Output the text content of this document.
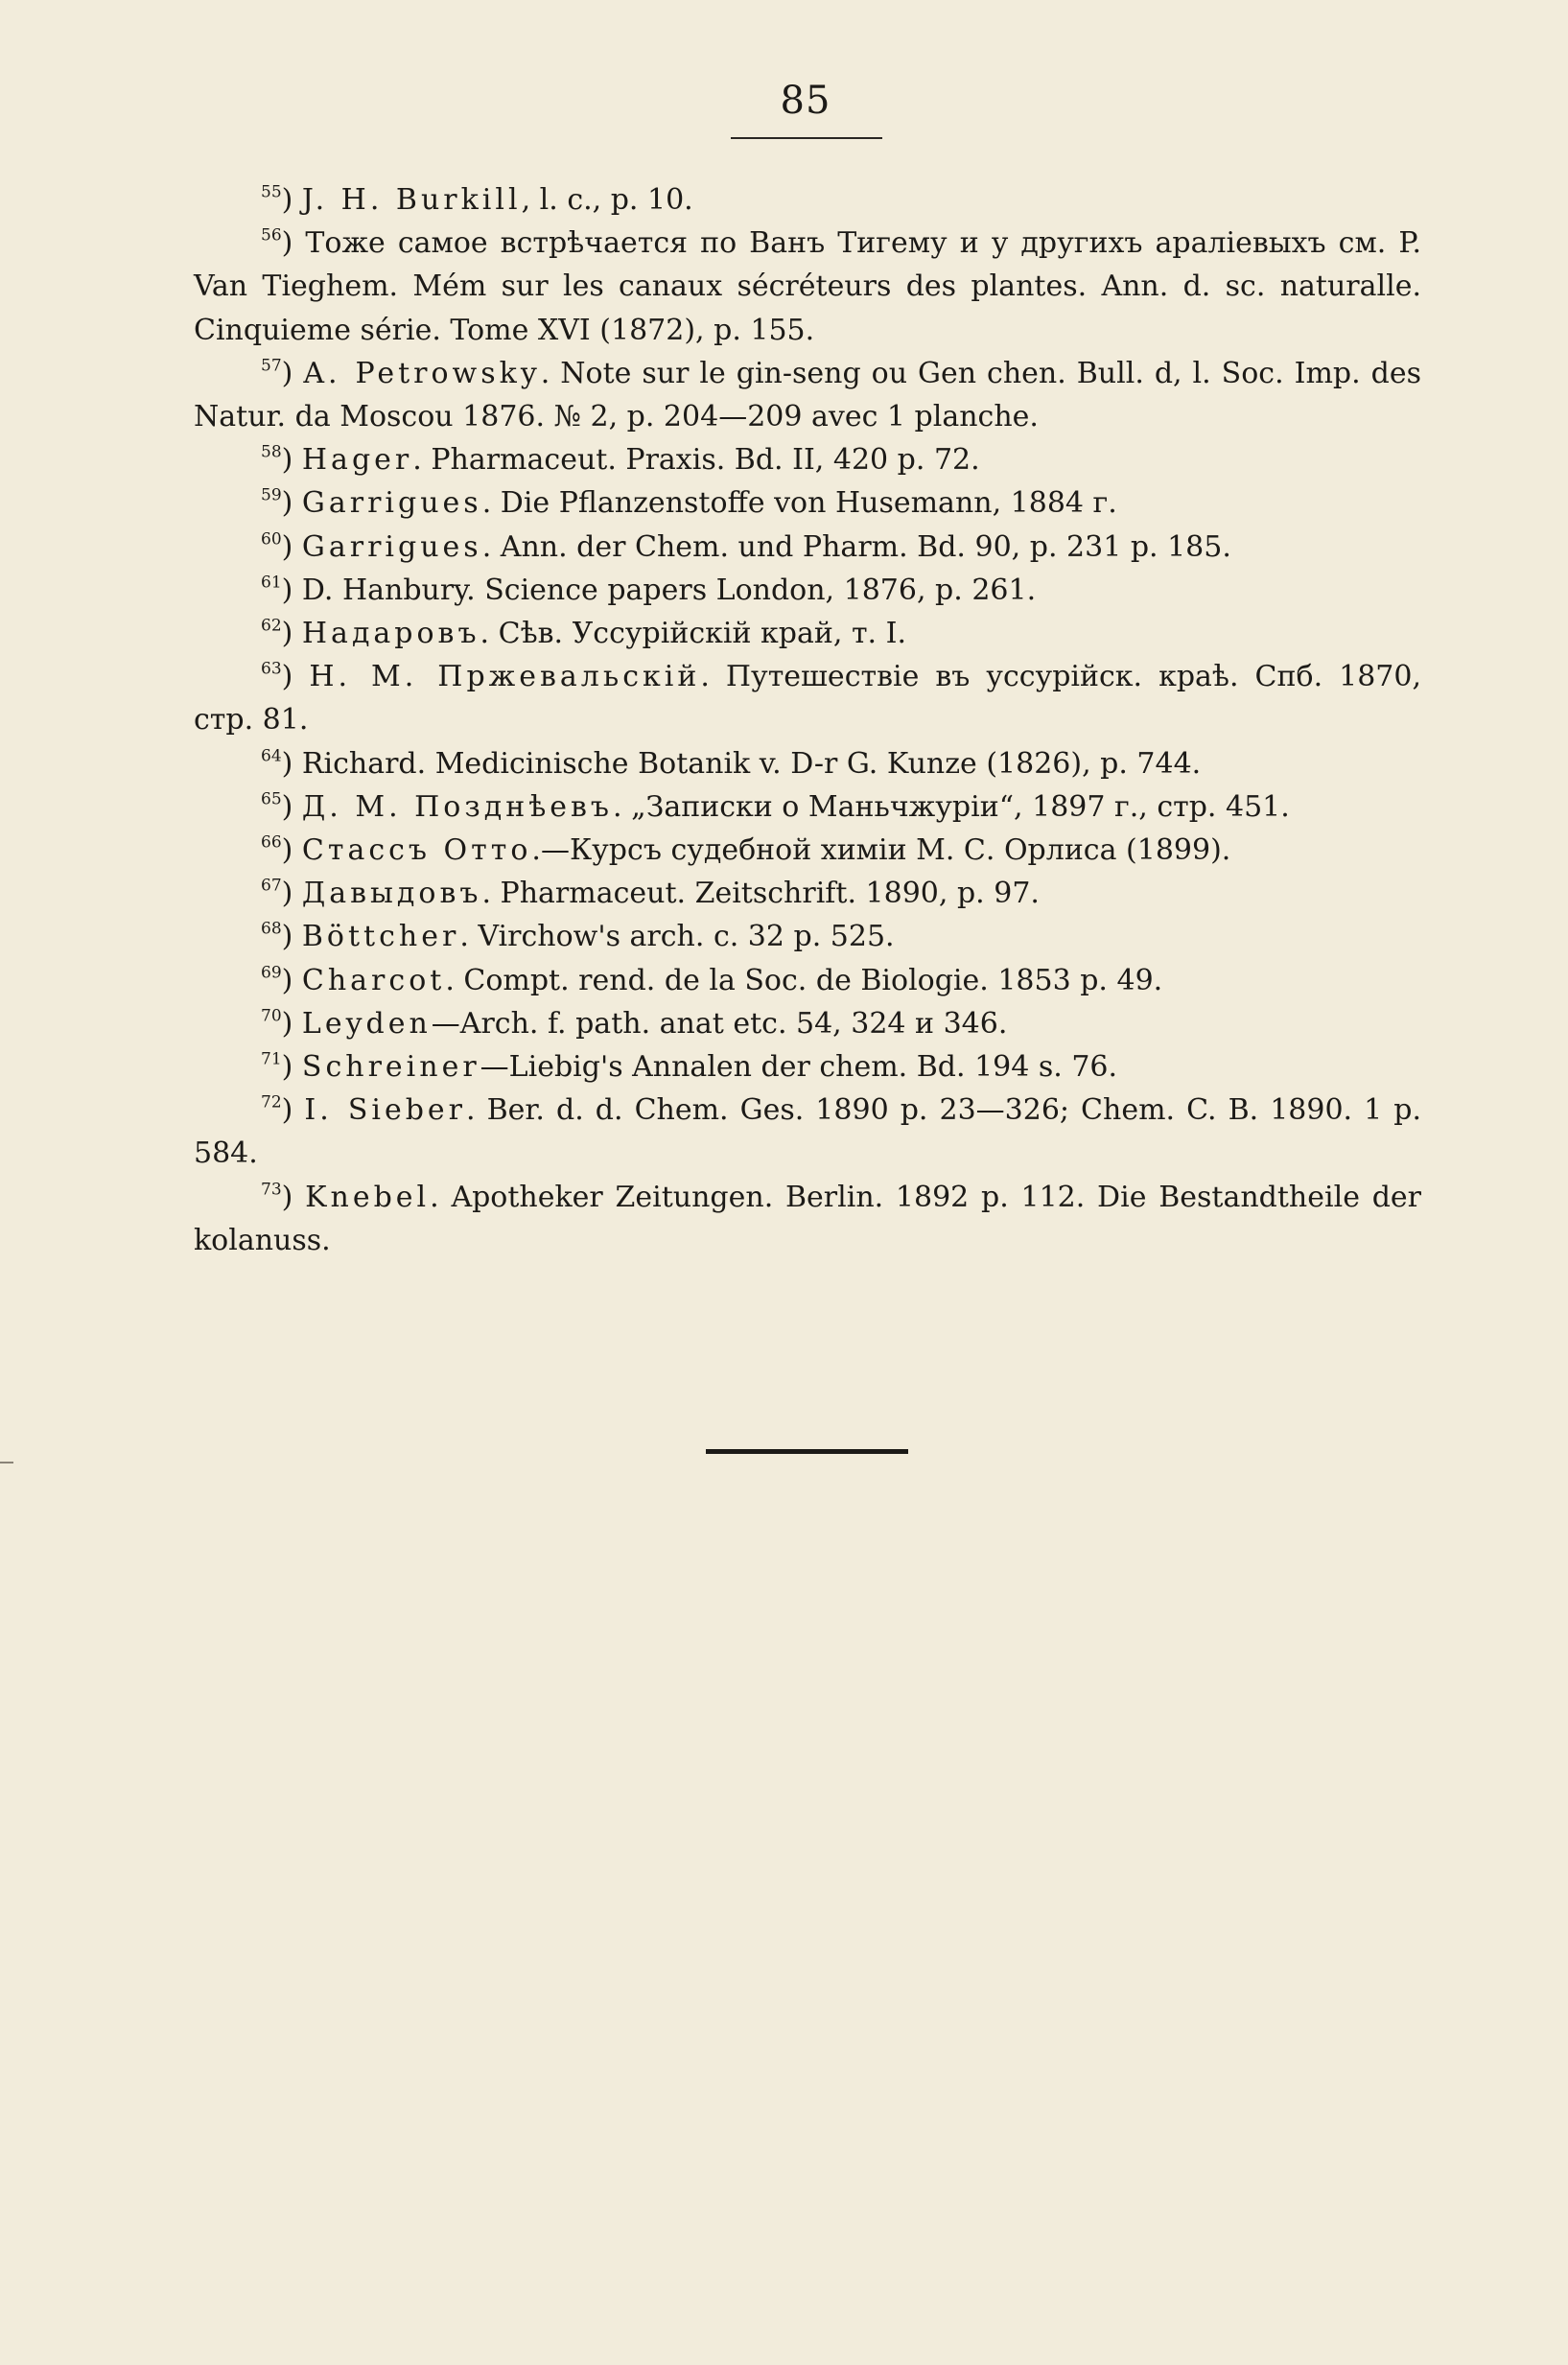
85

$^{55}$) J. H. Burkill, l. c., p. 10.

$^{56}$) Тоже самое встрѣчается по Ванъ Тигему и у другихъ аралiевыхъ см. P. Van Tieghem. Mém sur les canaux sécréteurs des plantes. Ann. d. sc. naturalle. Cinquieme série. Tome XVI (1872), p. 155.

$^{57}$) A. Petrowsky. Note sur le gin-seng ou Gen chen. Bull. d, l. Soc. Imp. des Natur. da Moscou 1876. № 2, p. 204—209 avec 1 planche.

$^{58}$) Hager. Pharmaceut. Praxis. Bd. II, 420 p. 72.

$^{59}$) Garrigues. Die Pflanzenstoffe von Husemann, 1884 г.

$^{60}$) Garrigues. Ann. der Chem. und Pharm. Bd. 90, p. 231 p. 185.

$^{61}$) D. Hanbury. Science papers London, 1876, p. 261.

$^{62}$) Надаровъ. Сѣв. Уссурiйскiй край, т. I.

$^{63}$) H. M. Пржевальскiй. Путешествiе въ уссурiйск. краѣ. Спб. 1870, стр. 81.

$^{64}$) Richard. Medicinische Botanik v. D-r G. Kunze (1826), p. 744.

$^{65}$) Д. М. Позднѣевъ. „Записки о Маньчжурiи“, 1897 г., стр. 451.

$^{66}$) Стассъ Отто.—Курсъ судебной химiи М. С. Орлиса (1899).

$^{67}$) Давыдовъ. Pharmaceut. Zeitschrift. 1890, p. 97.

$^{68}$) Böttcher. Virchow's arch. c. 32 p. 525.

$^{69}$) Charcot. Compt. rend. de la Soc. de Biologie. 1853 p. 49.

$^{70}$) Leyden—Arch. f. path. anat etc. 54, 324 и 346.

$^{71}$) Schreiner—Liebig's Annalen der chem. Bd. 194 s. 76.

$^{72}$) I. Sieber. Ber. d. d. Chem. Ges. 1890 p. 23—326; Chem. C. B. 1890. 1 p. 584.

$^{73}$) Knebel. Apotheker Zeitungen. Berlin. 1892 p. 112. Die Bestandtheile der kolanuss.
